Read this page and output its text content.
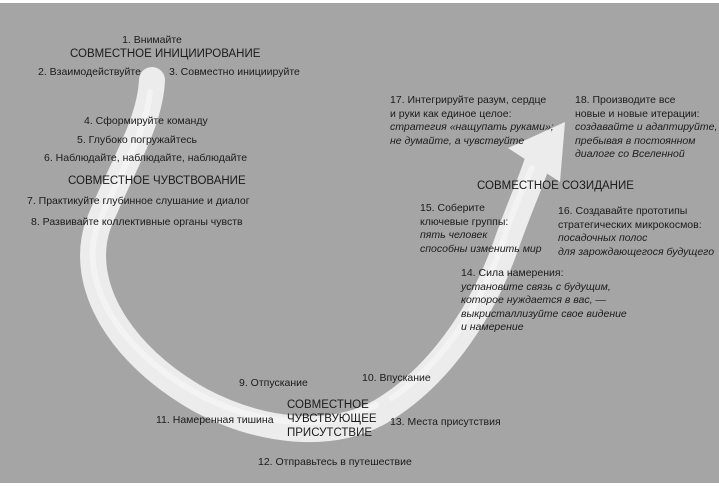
1. Внимайте
СОВМЕСТНОЕ ИНИЦИИРОВАНИЕ
2. Взаимодействуйте	3. Совместно инициируйте
4. Сформируйте команду
5. Глубоко погружайтесь
6. Наблюдайте, наблюдайте, наблюдайте
СОВМЕСТНОЕ ЧУВСТВОВАНИЕ
7. Практикуйте глубинное слушание и диалог
8. Развивайте коллективные органы чувств
9. Отпускание	10. Впускание
11. Намеренная тишина
СОВМЕСТНОЕ
ЧУВСТВУЮЩЕЕ
ПРИСУТСТВИЕ
13. Места присутствия
12. Отправьтесь в путешествие
17. Интегрируйте разум, сердце
и руки как единое целое:
стратегия «нащупать руками»;
не думайте, а чувствуйте
18. Производите все
новые и новые итерации:
создавайте и адаптируйте,
пребывая в постоянном
диалоге со Вселенной
СОВМЕСТНОЕ СОЗИДАНИЕ
15. Соберите
ключевые группы:
пять человек
способны изменить мир
16. Создавайте прототипы
стратегических микрокосмов:
посадочных полос
для зарождающегося будущего
14. Сила намерения:
установите связь с будущим,
которое нуждается в вас, —
выкристаллизуйте свое видение
и намерение
